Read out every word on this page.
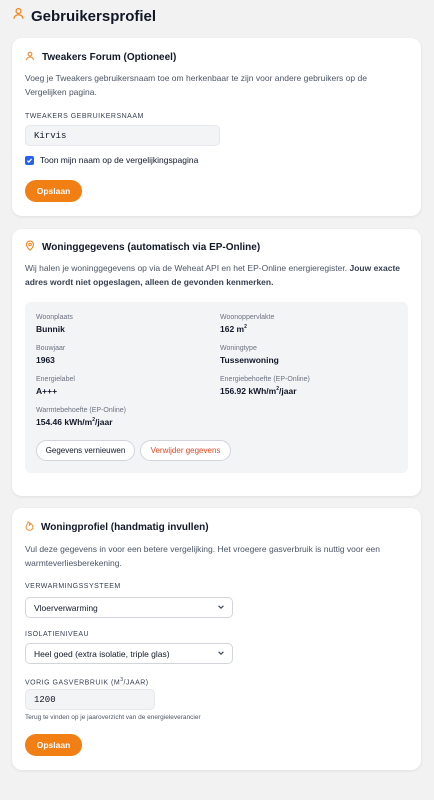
Gebruikersprofiel
Tweakers Forum (Optioneel)
Voeg je Tweakers gebruikersnaam toe om herkenbaar te zijn voor andere gebruikers op de Vergelijken pagina.
TWEAKERS GEBRUIKERSNAAM
Kirvis
Toon mijn naam op de vergelijkingspagina
Opslaan
Woninggegevens (automatisch via EP-Online)
Wij halen je woninggegevens op via de Weheat API en het EP-Online energieregister. Jouw exacte adres wordt niet opgeslagen, alleen de gevonden kenmerken.
Woonplaats
Bunnik
Woonoppervlakte
162 $m^2$
Bouwjaar
1963
Woningtype
Tussenwoning
Energielabel
A+++
Energiebehoefte (EP-Online)
156.92 kWh/$m^2$/jaar
Warmtebehoefte (EP-Online)
154.46 kWh/$m^2$/jaar
Gegevens vernieuwen	Verwijder gegevens
Woningprofiel (handmatig invullen)
Vul deze gegevens in voor een betere vergelijking. Het vroegere gasverbruik is nuttig voor een warmteverliesberekening.
VERWARMINGSSYSTEEM
Vloerverwarming
ISOLATIENIVEAU
Heel goed (extra isolatie, triple glas)
VORIG GASVERBRUIK $(M^3/JAAR)$
1200
Terug te vinden op je jaaroverzicht van de energieleverancier
Opslaan
